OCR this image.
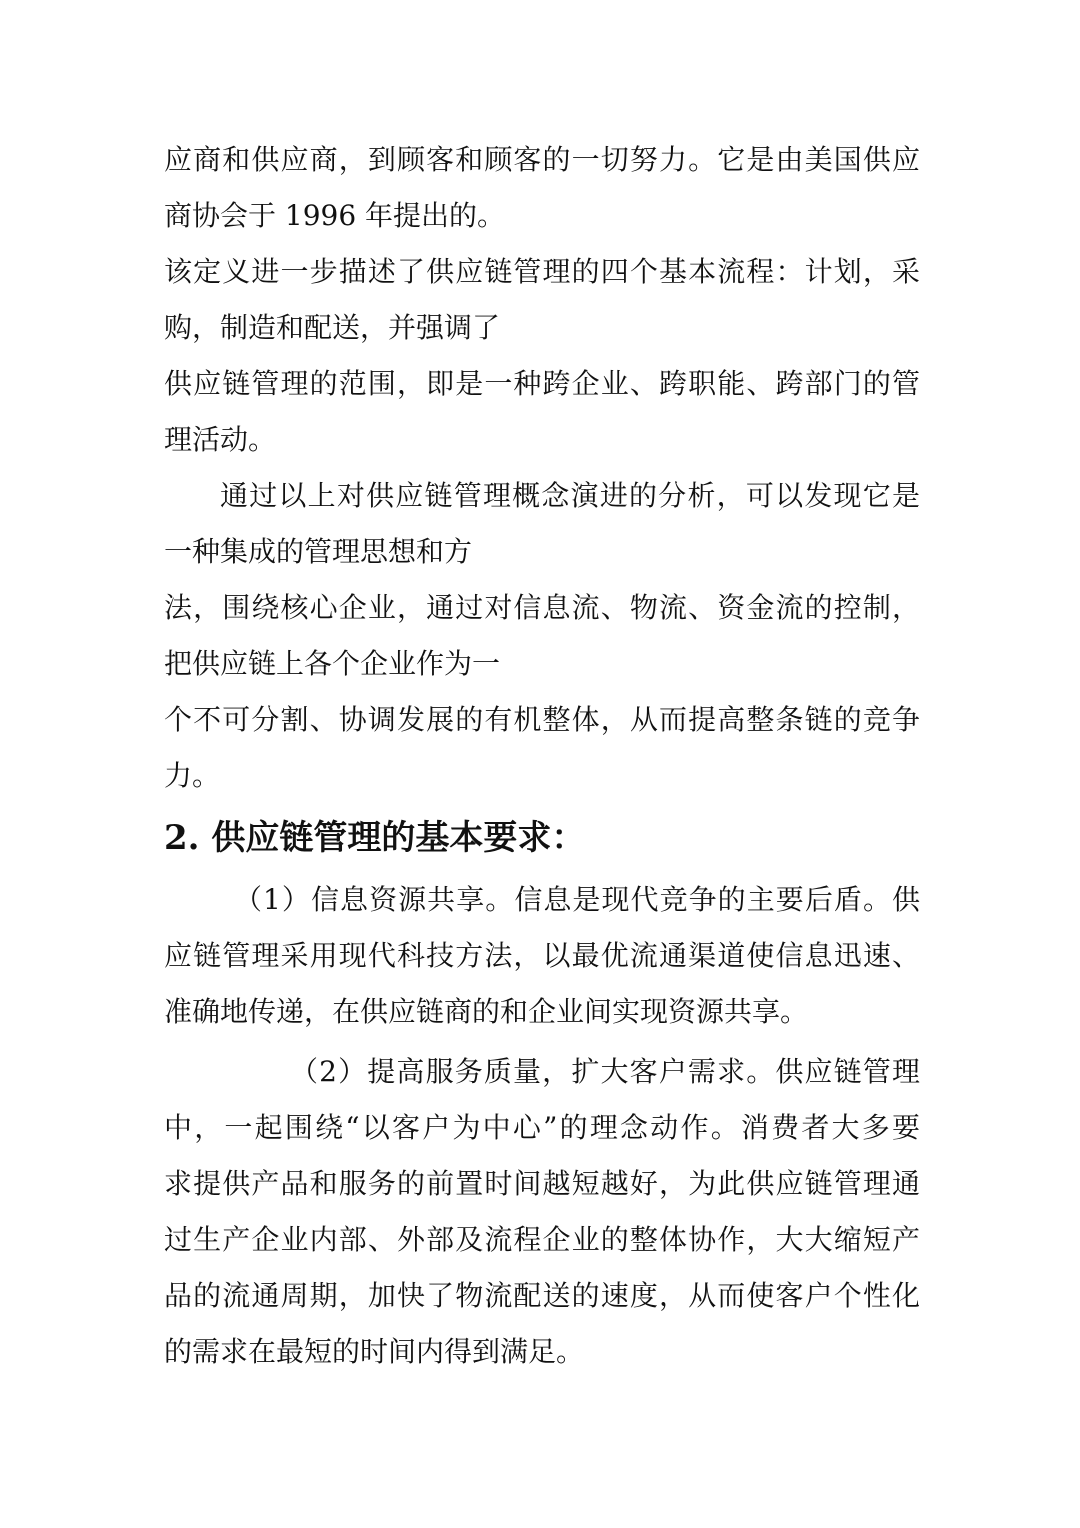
应商和供应商，到顾客和顾客的一切努力。它是由美国供应
商协会于 1996 年提出的。
该定义进一步描述了供应链管理的四个基本流程：计划，采
购，制造和配送，并强调了
供应链管理的范围，即是一种跨企业、跨职能、跨部门的管
理活动。
通过以上对供应链管理概念演进的分析，可以发现它是
一种集成的管理思想和方
法，围绕核心企业，通过对信息流、物流、资金流的控制，
把供应链上各个企业作为一
个不可分割、协调发展的有机整体，从而提高整条链的竞争
力。
2. 供应链管理的基本要求：
（1）信息资源共享。信息是现代竞争的主要后盾。供
应链管理采用现代科技方法，以最优流通渠道使信息迅速、
准确地传递，在供应链商的和企业间实现资源共享。
（2）提高服务质量，扩大客户需求。供应链管理
中，一起围绕“以客户为中心”的理念动作。消费者大多要
求提供产品和服务的前置时间越短越好，为此供应链管理通
过生产企业内部、外部及流程企业的整体协作，大大缩短产
品的流通周期，加快了物流配送的速度，从而使客户个性化
的需求在最短的时间内得到满足。
